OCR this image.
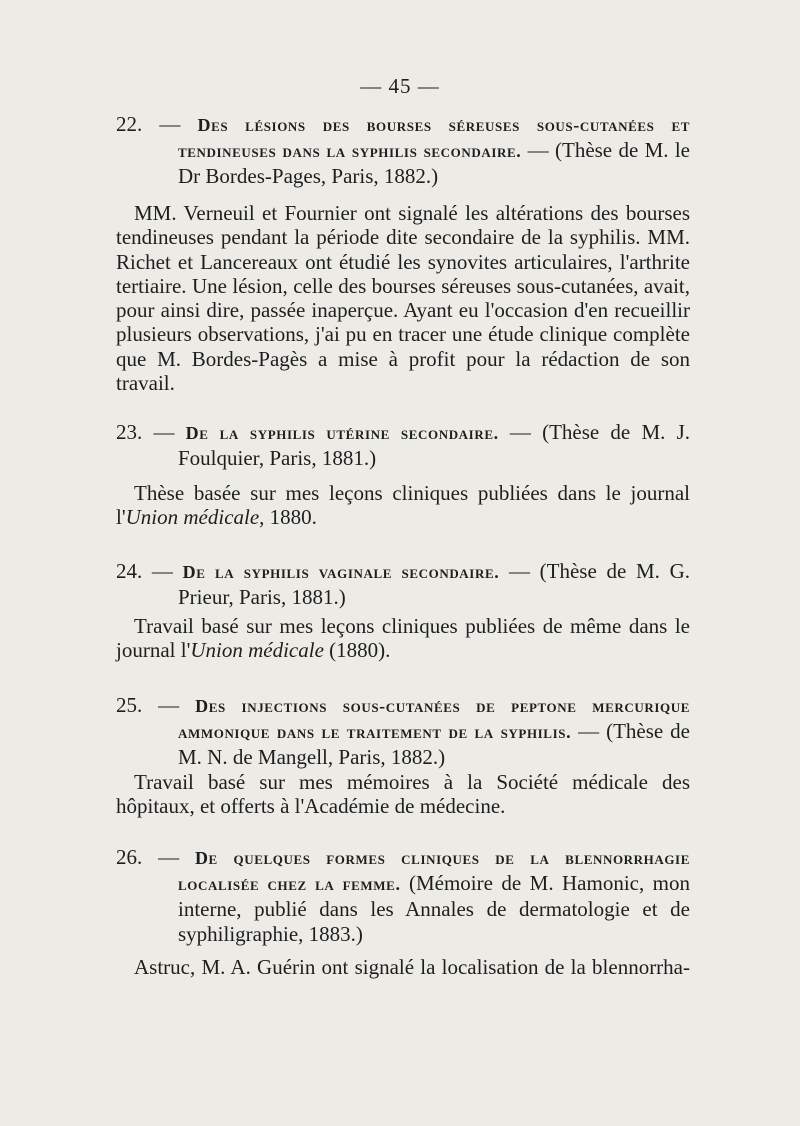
— 45 —
22. — Des lésions des bourses séreuses sous-cutanées et tendineuses dans la syphilis secondaire. — (Thèse de M. le Dr Bordes-Pages, Paris, 1882.)
MM. Verneuil et Fournier ont signalé les altérations des bourses tendineuses pendant la période dite secondaire de la syphilis. MM. Richet et Lancereaux ont étudié les synovites articulaires, l'arthrite tertiaire. Une lésion, celle des bourses séreuses sous-cutanées, avait, pour ainsi dire, passée inaperçue. Ayant eu l'occasion d'en recueillir plusieurs observations, j'ai pu en tracer une étude clinique complète que M. Bordes-Pagès a mise à profit pour la rédaction de son travail.
23. — De la syphilis utérine secondaire. — (Thèse de M. J. Foulquier, Paris, 1881.)
Thèse basée sur mes leçons cliniques publiées dans le journal l'Union médicale, 1880.
24. — De la syphilis vaginale secondaire. — (Thèse de M. G. Prieur, Paris, 1881.)
Travail basé sur mes leçons cliniques publiées de même dans le journal l'Union médicale (1880).
25. — Des injections sous-cutanées de peptone mercurique ammonique dans le traitement de la syphilis. — (Thèse de M. N. de Mangell, Paris, 1882.)
Travail basé sur mes mémoires à la Société médicale des hôpitaux, et offerts à l'Académie de médecine.
26. — De quelques formes cliniques de la blennorrhagie localisée chez la femme. (Mémoire de M. Hamonic, mon interne, publié dans les Annales de dermatologie et de syphiligraphie, 1883.)
Astruc, M. A. Guérin ont signalé la localisation de la blennorrha-
